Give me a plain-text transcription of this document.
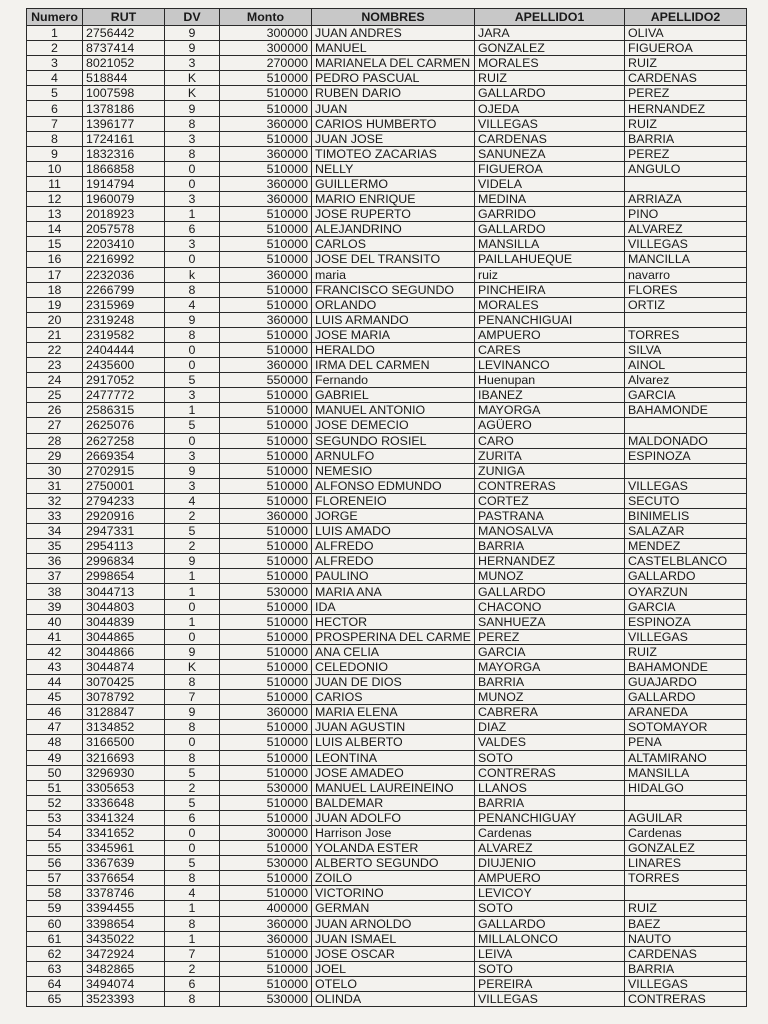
Numero	RUT	DV	Monto	NOMBRES	APELLIDO1	APELLIDO2
1	2756442	9	300000	JUAN ANDRES	JARA	OLIVA
2	8737414	9	300000	MANUEL	GONZALEZ	FIGUEROA
3	8021052	3	270000	MARIANELA DEL CARMEN	MORALES	RUIZ
4	518844	K	510000	PEDRO PASCUAL	RUIZ	CARDENAS
5	1007598	K	510000	RUBEN DARIO	GALLARDO	PEREZ
6	1378186	9	510000	JUAN	OJEDA	HERNANDEZ
7	1396177	8	360000	CARIOS HUMBERTO	VILLEGAS	RUIZ
8	1724161	3	510000	JUAN JOSE	CARDENAS	BARRIA
9	1832316	8	360000	TIMOTEO ZACARIAS	SANUNEZA	PEREZ
10	1866858	0	510000	NELLY	FIGUEROA	ANGULO
11	1914794	0	360000	GUILLERMO	VIDELA	
12	1960079	3	360000	MARIO ENRIQUE	MEDINA	ARRIAZA
13	2018923	1	510000	JOSE RUPERTO	GARRIDO	PINO
14	2057578	6	510000	ALEJANDRINO	GALLARDO	ALVAREZ
15	2203410	3	510000	CARLOS	MANSILLA	VILLEGAS
16	2216992	0	510000	JOSE DEL TRANSITO	PAILLAHUEQUE	MANCILLA
17	2232036	k	360000	maria	ruiz	navarro
18	2266799	8	510000	FRANCISCO SEGUNDO	PINCHEIRA	FLORES
19	2315969	4	510000	ORLANDO	MORALES	ORTIZ
20	2319248	9	360000	LUIS ARMANDO	PENANCHIGUAI	
21	2319582	8	510000	JOSE MARIA	AMPUERO	TORRES
22	2404444	0	510000	HERALDO	CARES	SILVA
23	2435600	0	360000	IRMA DEL CARMEN	LEVINANCO	AINOL
24	2917052	5	550000	Fernando	Huenupan	Alvarez
25	2477772	3	510000	GABRIEL	IBANEZ	GARCIA
26	2586315	1	510000	MANUEL ANTONIO	MAYORGA	BAHAMONDE
27	2625076	5	510000	JOSE DEMECIO	AGÜERO	
28	2627258	0	510000	SEGUNDO ROSIEL	CARO	MALDONADO
29	2669354	3	510000	ARNULFO	ZURITA	ESPINOZA
30	2702915	9	510000	NEMESIO	ZUNIGA	
31	2750001	3	510000	ALFONSO EDMUNDO	CONTRERAS	VILLEGAS
32	2794233	4	510000	FLORENEIO	CORTEZ	SECUTO
33	2920916	2	360000	JORGE	PASTRANA	BINIMELIS
34	2947331	5	510000	LUIS AMADO	MANOSALVA	SALAZAR
35	2954113	2	510000	ALFREDO	BARRIA	MENDEZ
36	2996834	9	510000	ALFREDO	HERNANDEZ	CASTELBLANCO
37	2998654	1	510000	PAULINO	MUNOZ	GALLARDO
38	3044713	1	530000	MARIA ANA	GALLARDO	OYARZUN
39	3044803	0	510000	IDA	CHACONO	GARCIA
40	3044839	1	510000	HECTOR	SANHUEZA	ESPINOZA
41	3044865	0	510000	PROSPERINA DEL CARME	PEREZ	VILLEGAS
42	3044866	9	510000	ANA CELIA	GARCIA	RUIZ
43	3044874	K	510000	CELEDONIO	MAYORGA	BAHAMONDE
44	3070425	8	510000	JUAN DE DIOS	BARRIA	GUAJARDO
45	3078792	7	510000	CARIOS	MUNOZ	GALLARDO
46	3128847	9	360000	MARIA ELENA	CABRERA	ARANEDA
47	3134852	8	510000	JUAN AGUSTIN	DIAZ	SOTOMAYOR
48	3166500	0	510000	LUIS ALBERTO	VALDES	PENA
49	3216693	8	510000	LEONTINA	SOTO	ALTAMIRANO
50	3296930	5	510000	JOSE AMADEO	CONTRERAS	MANSILLA
51	3305653	2	530000	MANUEL LAUREINEINO	LLANOS	HIDALGO
52	3336648	5	510000	BALDEMAR	BARRIA	
53	3341324	6	510000	JUAN ADOLFO	PENANCHIGUAY	AGUILAR
54	3341652	0	300000	Harrison Jose	Cardenas	Cardenas
55	3345961	0	510000	YOLANDA ESTER	ALVAREZ	GONZALEZ
56	3367639	5	530000	ALBERTO SEGUNDO	DIUJENIO	LINARES
57	3376654	8	510000	ZOILO	AMPUERO	TORRES
58	3378746	4	510000	VICTORINO	LEVICOY	
59	3394455	1	400000	GERMAN	SOTO	RUIZ
60	3398654	8	360000	JUAN ARNOLDO	GALLARDO	BAEZ
61	3435022	1	360000	JUAN ISMAEL	MILLALONCO	NAUTO
62	3472924	7	510000	JOSE OSCAR	LEIVA	CARDENAS
63	3482865	2	510000	JOEL	SOTO	BARRIA
64	3494074	6	510000	OTELO	PEREIRA	VILLEGAS
65	3523393	8	530000	OLINDA	VILLEGAS	CONTRERAS
